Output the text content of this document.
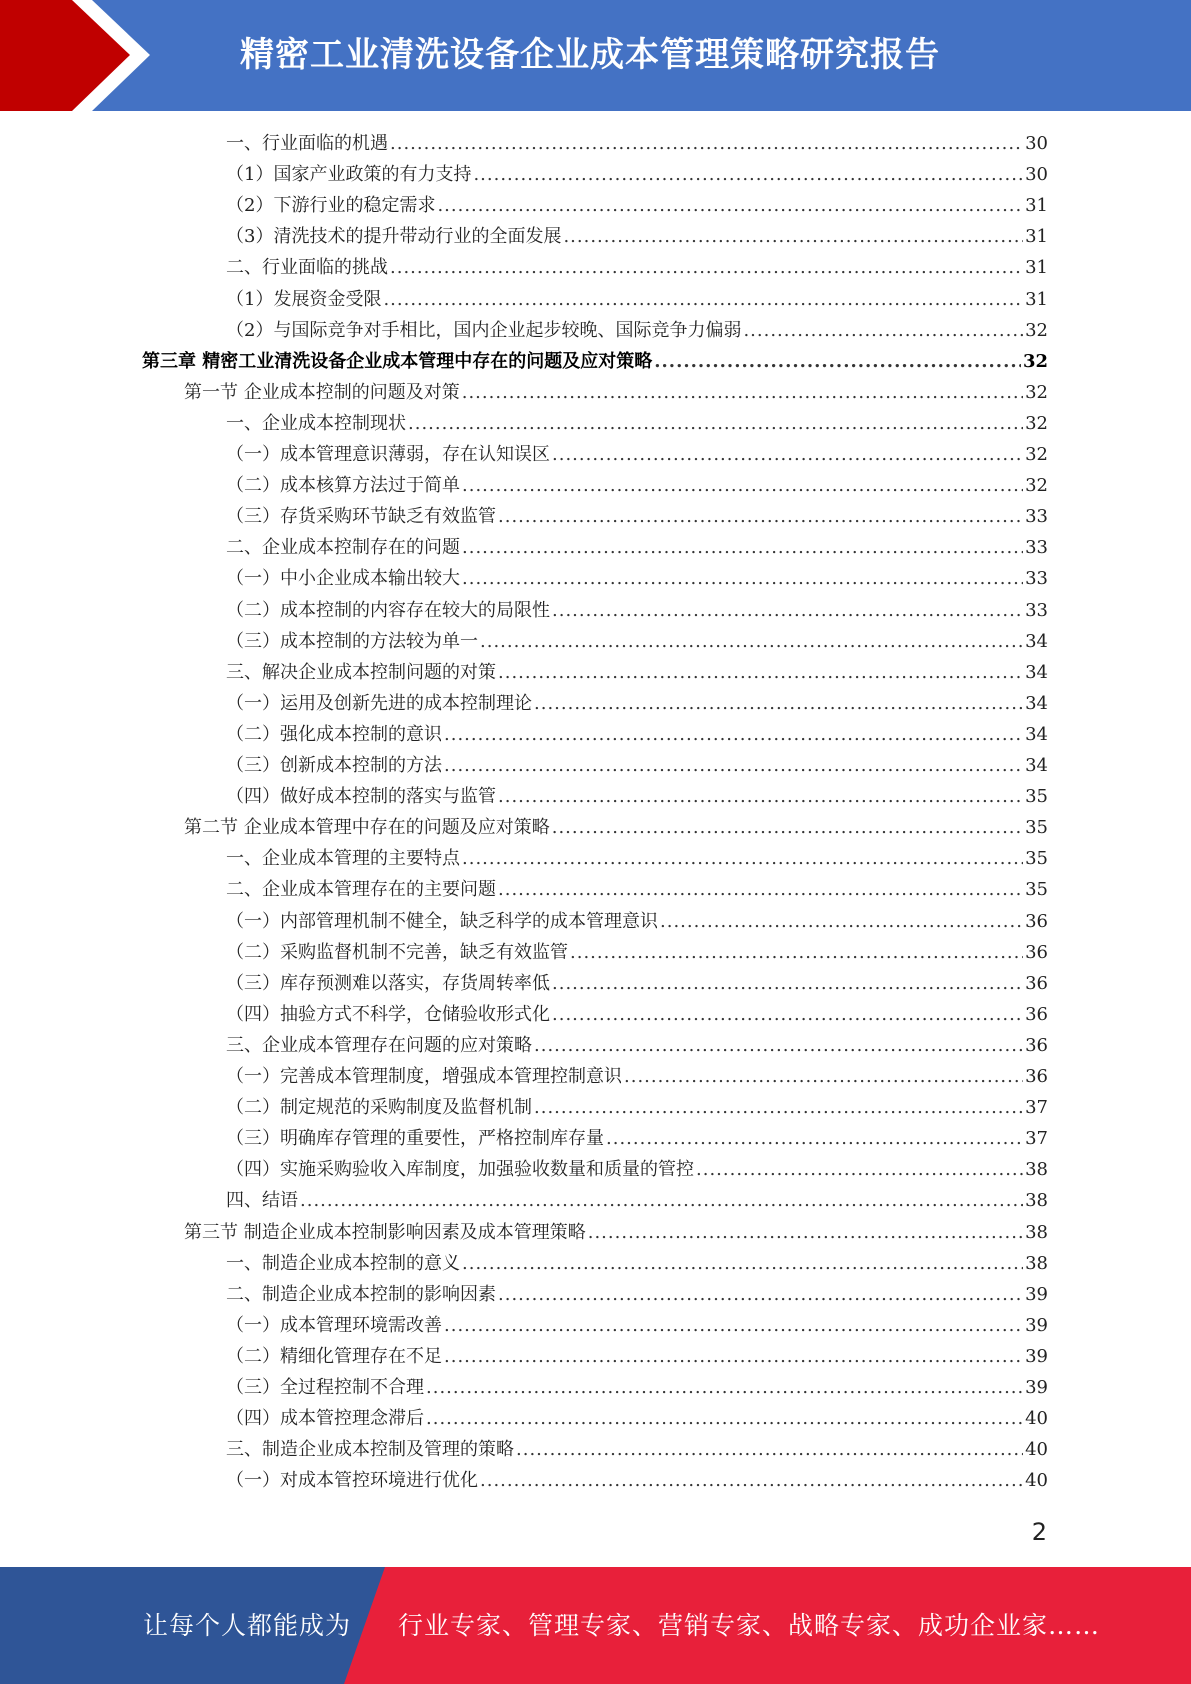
精密工业清洗设备企业成本管理策略研究报告
一、行业面临的机遇 .....	30
（1）国家产业政策的有力支持 .....	30
（2）下游行业的稳定需求 .....	31
（3）清洗技术的提升带动行业的全面发展 .....	31
二、行业面临的挑战 .....	31
（1）发展资金受限 .....	31
（2）与国际竞争对手相比，国内企业起步较晚、国际竞争力偏弱 .....	32
第三章 精密工业清洗设备企业成本管理中存在的问题及应对策略 .....	32
第一节 企业成本控制的问题及对策 .....	32
一、企业成本控制现状 .....	32
（一）成本管理意识薄弱，存在认知误区 .....	32
（二）成本核算方法过于简单 .....	32
（三）存货采购环节缺乏有效监管 .....	33
二、企业成本控制存在的问题 .....	33
（一）中小企业成本输出较大 .....	33
（二）成本控制的内容存在较大的局限性 .....	33
（三）成本控制的方法较为单一 .....	34
三、解决企业成本控制问题的对策 .....	34
（一）运用及创新先进的成本控制理论 .....	34
（二）强化成本控制的意识 .....	34
（三）创新成本控制的方法 .....	34
（四）做好成本控制的落实与监管 .....	35
第二节 企业成本管理中存在的问题及应对策略 .....	35
一、企业成本管理的主要特点 .....	35
二、企业成本管理存在的主要问题 .....	35
（一）内部管理机制不健全，缺乏科学的成本管理意识 .....	36
（二）采购监督机制不完善，缺乏有效监管 .....	36
（三）库存预测难以落实，存货周转率低 .....	36
（四）抽验方式不科学，仓储验收形式化 .....	36
三、企业成本管理存在问题的应对策略 .....	36
（一）完善成本管理制度，增强成本管理控制意识 .....	36
（二）制定规范的采购制度及监督机制 .....	37
（三）明确库存管理的重要性，严格控制库存量 .....	37
（四）实施采购验收入库制度，加强验收数量和质量的管控 .....	38
四、结语 .....	38
第三节 制造企业成本控制影响因素及成本管理策略 .....	38
一、制造企业成本控制的意义 .....	38
二、制造企业成本控制的影响因素 .....	39
（一）成本管理环境需改善 .....	39
（二）精细化管理存在不足 .....	39
（三）全过程控制不合理 .....	39
（四）成本管控理念滞后 .....	40
三、制造企业成本控制及管理的策略 .....	40
（一）对成本管控环境进行优化 .....	40
2
让每个人都能成为 行业专家、管理专家、营销专家、战略专家、成功企业家……
